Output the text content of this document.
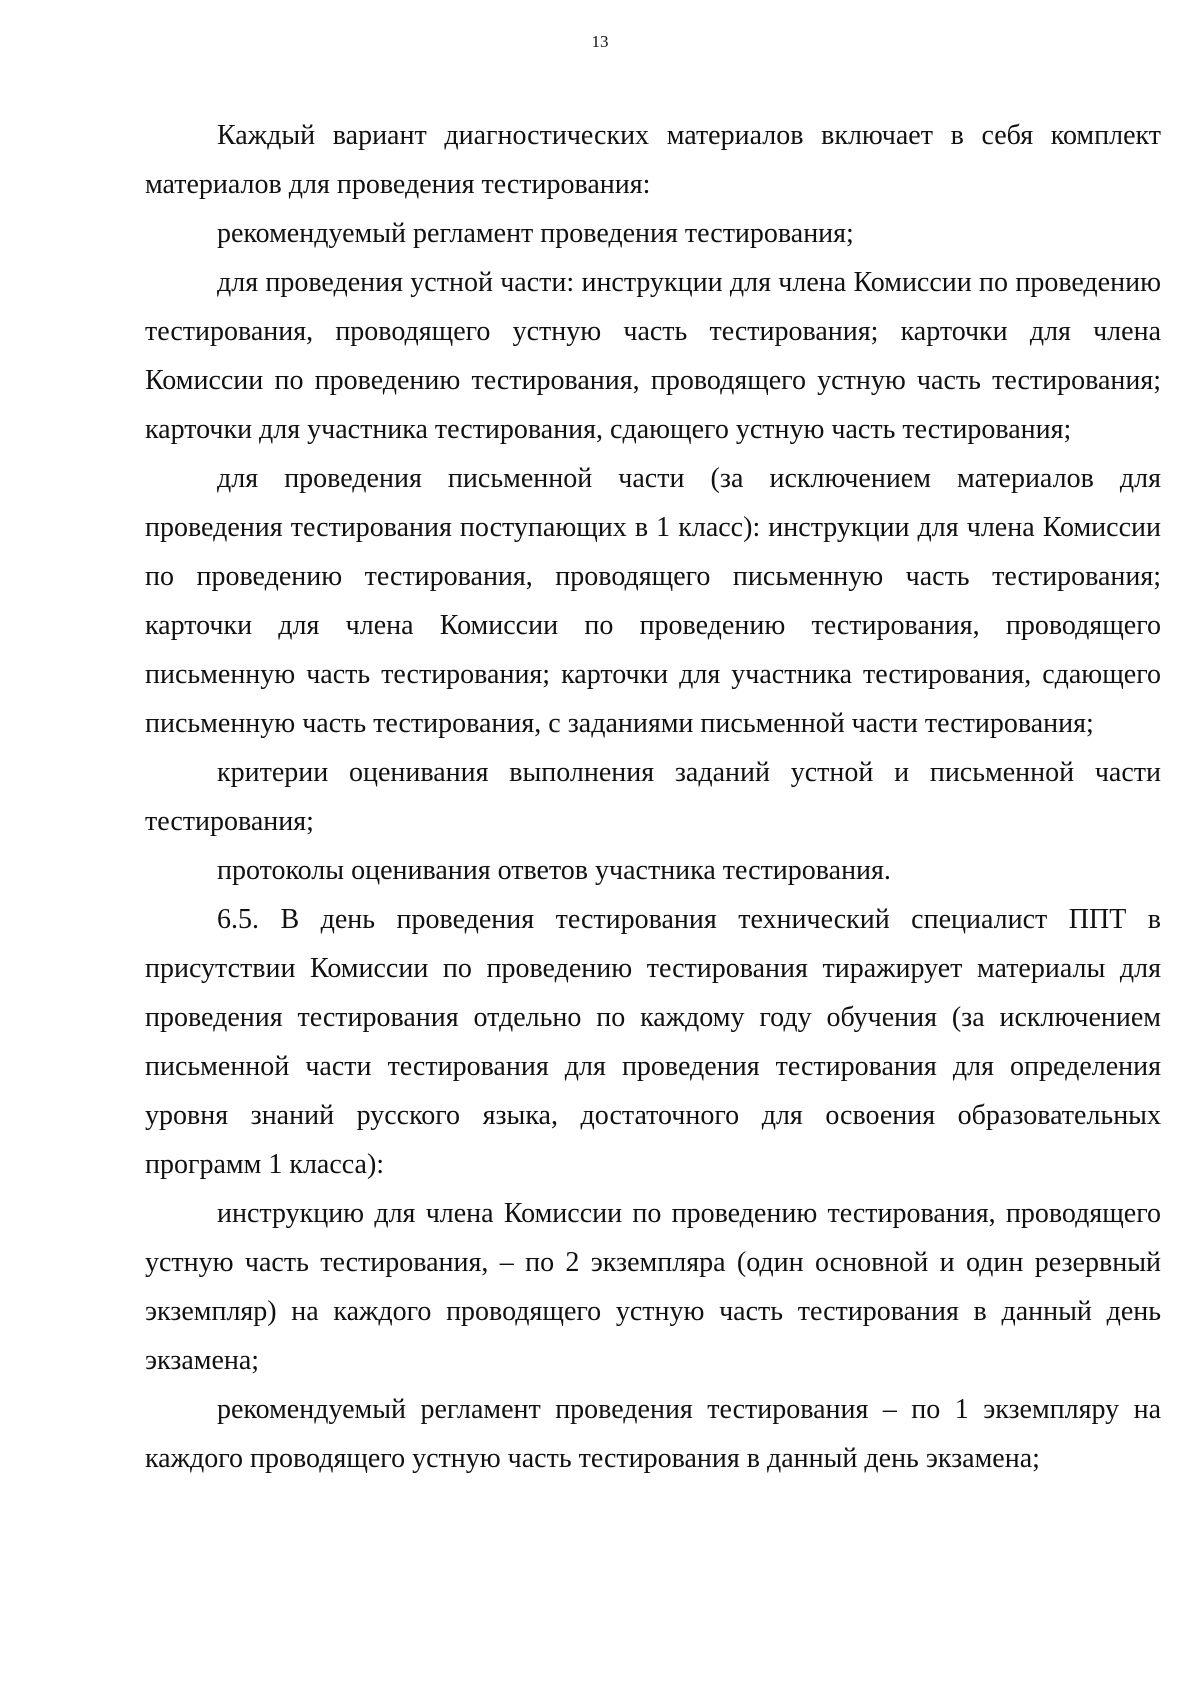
13

Каждый вариант диагностических материалов включает в себя комплект материалов для проведения тестирования:

рекомендуемый регламент проведения тестирования;

для проведения устной части: инструкции для члена Комиссии по проведению тестирования, проводящего устную часть тестирования; карточки для члена Комиссии по проведению тестирования, проводящего устную часть тестирования; карточки для участника тестирования, сдающего устную часть тестирования;

для проведения письменной части (за исключением материалов для проведения тестирования поступающих в 1 класс): инструкции для члена Комиссии по проведению тестирования, проводящего письменную часть тестирования; карточки для члена Комиссии по проведению тестирования, проводящего письменную часть тестирования; карточки для участника тестирования, сдающего письменную часть тестирования, с заданиями письменной части тестирования;

критерии оценивания выполнения заданий устной и письменной части тестирования;

протоколы оценивания ответов участника тестирования.

6.5. В день проведения тестирования технический специалист ППТ в присутствии Комиссии по проведению тестирования тиражирует материалы для проведения тестирования отдельно по каждому году обучения (за исключением письменной части тестирования для проведения тестирования для определения уровня знаний русского языка, достаточного для освоения образовательных программ 1 класса):

инструкцию для члена Комиссии по проведению тестирования, проводящего устную часть тестирования, – по 2 экземпляра (один основной и один резервный экземпляр) на каждого проводящего устную часть тестирования в данный день экзамена;

рекомендуемый регламент проведения тестирования – по 1 экземпляру на каждого проводящего устную часть тестирования в данный день экзамена;
